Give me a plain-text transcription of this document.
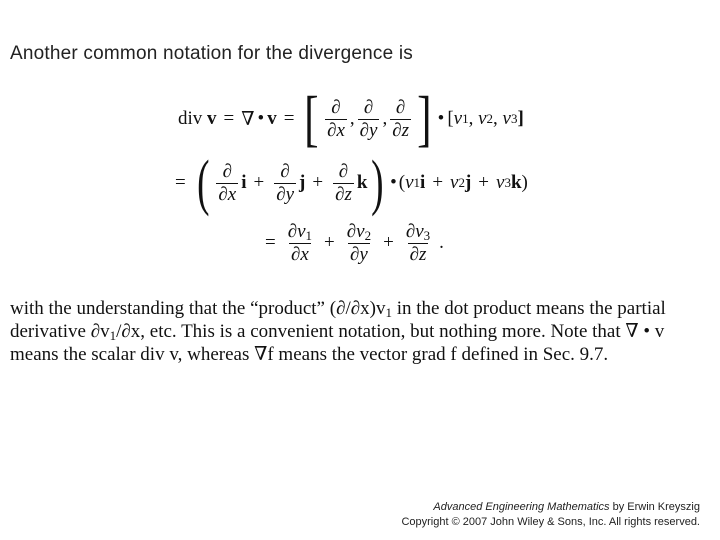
Another common notation for the divergence is
div
v = ∇ • v = [ $\frac{\partial}{\partial x}$ , $\frac{\partial}{\partial y}$ , $\frac{\partial}{\partial z}$ ] • [ v 1 ,
v 2 ,
v 3 ]
= ( $\frac{\partial}{\partial x}$ $i + \frac{\partial}{\partial y}$ $j + \frac{\partial}{\partial z}$ k ) • ( v 1 i + v 2 j + v 3 k )
= $\frac{\partial v_1}{\partial x} + \frac{\partial v_2}{\partial y} + \frac{\partial v_3}{\partial z}$ .
with the understanding that the “product” $(\partial/\partial x)v_1$ in the dot product means the partial
derivative $\partial v_1/\partial x$, etc. This is a convenient notation, but nothing more. Note that ∇ • v
means the scalar div v, whereas ∇f means the vector grad f defined in Sec. 9.7.
Advanced Engineering Mathematics by Erwin Kreyszig
Copyright © 2007 John Wiley & Sons, Inc. All rights reserved.
